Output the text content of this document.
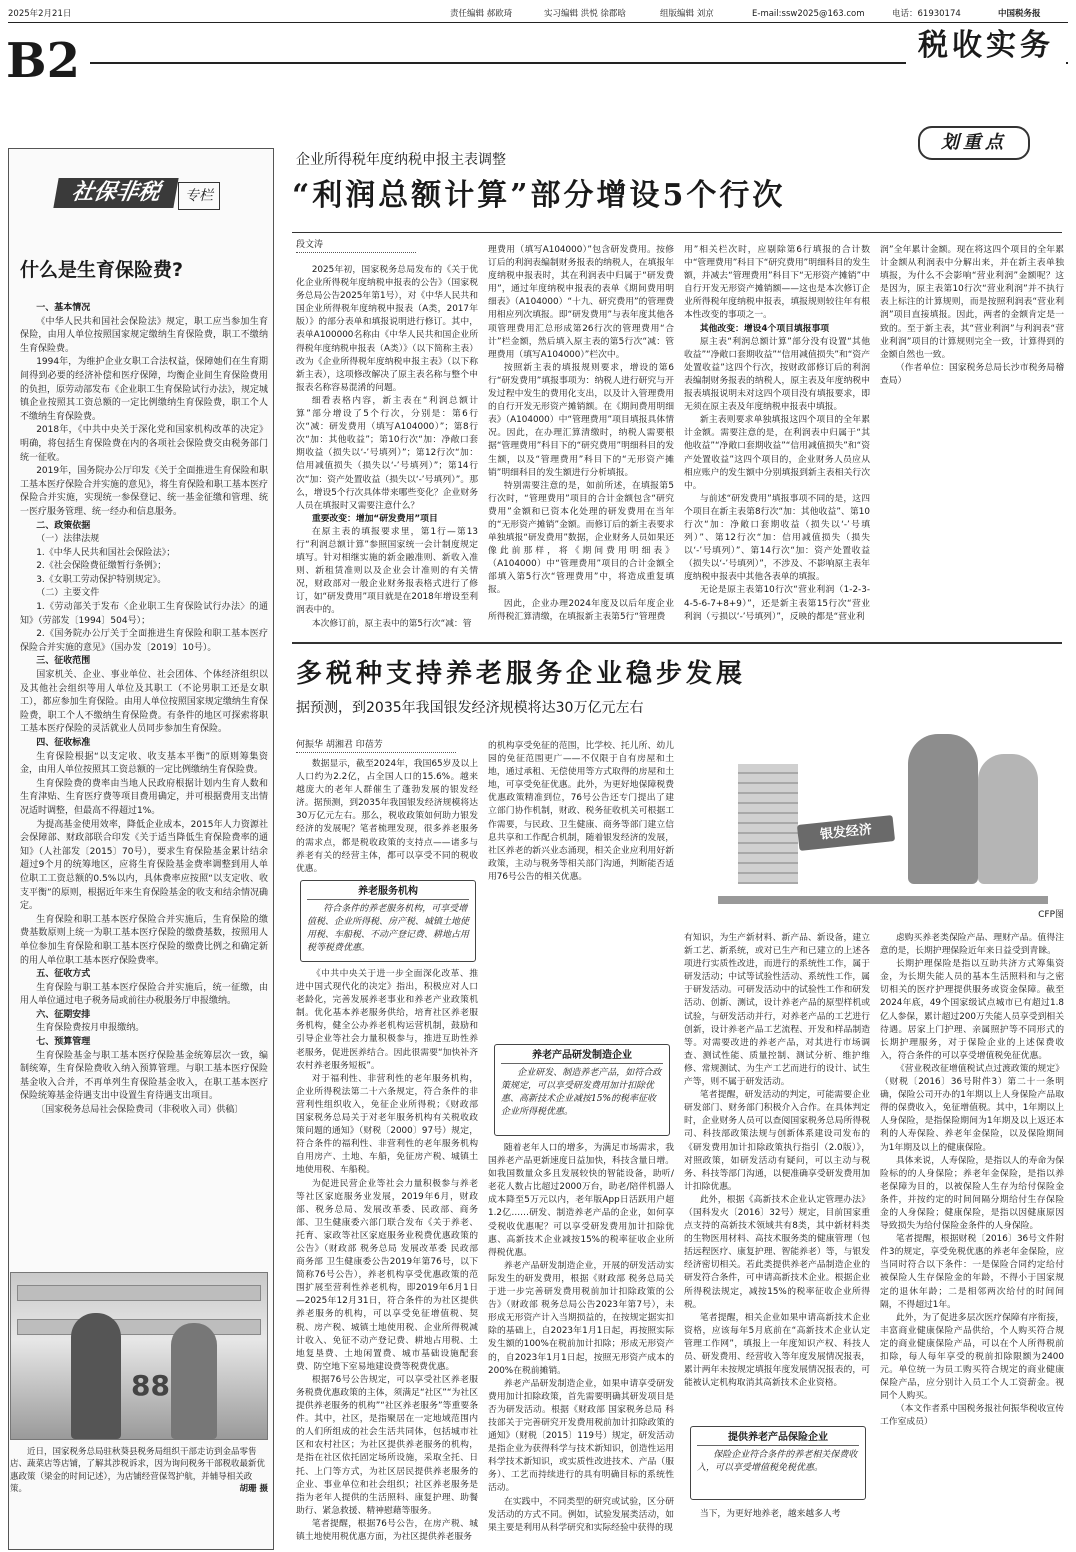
2025年2月21日	责任编辑 郝欧琦	实习编辑 洪悦 徐郡晗	组版编辑 刘京	E-mail:ssw2025@163.com	电话：61930174	中国税务报
B2	税收实务
社保非税	专栏
什么是生育保险费?

一、基本情况

《中华人民共和国社会保险法》规定，职工应当参加生育保险，由用人单位按照国家规定缴纳生育保险费，职工不缴纳生育保险费。

1994年，为维护企业女职工合法权益，保障她们在生育期间得到必要的经济补偿和医疗保障，均衡企业间生育保险费用的负担，原劳动部发布《企业职工生育保险试行办法》，规定城镇企业按照其工资总额的一定比例缴纳生育保险费，职工个人不缴纳生育保险费。

2018年，《中共中央关于深化党和国家机构改革的决定》明确，将包括生育保险费在内的各项社会保险费交由税务部门统一征收。

2019年，国务院办公厅印发《关于全面推进生育保险和职工基本医疗保险合并实施的意见》，将生育保险和职工基本医疗保险合并实施，实现统一参保登记、统一基金征缴和管理、统一医疗服务管理、统一经办和信息服务。

二、政策依据

（一）法律法规

1.《中华人民共和国社会保险法》；

2.《社会保险费征缴暂行条例》；

3.《女职工劳动保护特别规定》。

（二）主要文件

1.《劳动部关于发布〈企业职工生育保险试行办法〉的通知》（劳部发〔1994〕504号）；

2.《国务院办公厅关于全面推进生育保险和职工基本医疗保险合并实施的意见》（国办发〔2019〕10号）。

三、征收范围

国家机关、企业、事业单位、社会团体、个体经济组织以及其他社会组织等用人单位及其职工（不论男职工还是女职工），都应参加生育保险。由用人单位按照国家规定缴纳生育保险费，职工个人不缴纳生育保险费。有条件的地区可探索将职工基本医疗保险的灵活就业人员同步参加生育保险。

四、征收标准

生育保险根据“以支定收、收支基本平衡”的原则筹集资金，由用人单位按照其工资总额的一定比例缴纳生育保险费。

生育保险费的费率由当地人民政府根据计划内生育人数和生育津贴、生育医疗费等项目费用确定，并可根据费用支出情况适时调整，但最高不得超过1%。

为提高基金使用效率，降低企业成本，2015年人力资源社会保障部、财政部联合印发《关于适当降低生育保险费率的通知》（人社部发〔2015〕70号），要求生育保险基金累计结余超过9个月的统筹地区，应将生育保险基金费率调整到用人单位职工工资总额的0.5%以内，具体费率应按照“以支定收、收支平衡”的原则，根据近年来生育保险基金的收支和结余情况确定。

生育保险和职工基本医疗保险合并实施后，生育保险的缴费基数原则上统一为职工基本医疗保险的缴费基数，按照用人单位参加生育保险和职工基本医疗保险的缴费比例之和确定新的用人单位职工基本医疗保险费率。

五、征收方式

生育保险与职工基本医疗保险合并实施后，统一征缴，由用人单位通过电子税务局或前往办税服务厅申报缴纳。

六、征期安排

生育保险费按月申报缴纳。

七、预算管理

生育保险基金与职工基本医疗保险基金统筹层次一致，编制统筹，生育保险费收入纳入预算管理。与职工基本医疗保险基金收入合并，不再单列生育保险基金收入，在职工基本医疗保险统筹基金待遇支出中设置生育待遇支出项目。

〔国家税务总局社会保险费司（非税收入司）供稿〕

88
近日，国家税务总局驻秋葵县税务局组织干部走访到金品零售店、蔬菜店等店铺，了解其涉税诉求，因为询问税务干部税收最新优惠政策（梁金的时间记述），为店铺经营保驾护航，并辅导相关政策。	胡珊 摄
划重点
企业所得税年度纳税申报主表调整
“利润总额计算”部分增设5个行次
段文涛

2025年初，国家税务总局发布的《关于优化企业所得税年度纳税申报表的公告》（国家税务总局公告2025年第1号），对《中华人民共和国企业所得税年度纳税申报表（A类，2017年版）》的部分表单和填报说明进行修订。其中，表单A100000名称由《中华人民共和国企业所得税年度纳税申报表（A类）》（以下简称主表）改为《企业所得税年度纳税申报主表》（以下称新主表），这项修改解决了原主表名称与整个申报表名称容易混淆的问题。

细看表格内容，新主表在“利润总额计算”部分增设了5个行次，分别是：第6行次“减：研发费用（填写A104000）”；第8行次“加：其他收益”；第10行次“加：净敞口套期收益（损失以‘-’号填列）”；第12行次“加：信用减值损失（损失以‘-’号填列）”；第14行次“加：资产处置收益（损失以‘-’号填列）”。那么，增设5个行次具体带来哪些变化？企业财务人员在填报时又需要注意什么？

重要改变：增加“研发费用”项目

在原主表的填报要求里，第1行—第13行“利润总额计算”参照国家统一会计制度规定填写。针对相继实施的新金融准则、新收入准则、新租赁准则以及企业会计准则的有关情况，财政部对一般企业财务报表格式进行了修订，如“研发费用”项目就是在2018年增设至利润表中的。

本次修订前，原主表中的第5行次“减：管

理费用（填写A104000）”包含研发费用。按修订后的利润表编制财务报表的纳税人，在填报年度纳税申报表时，其在利润表中归属于“研发费用”，通过年度纳税申报表的表单《期间费用明细表》（A104000）“十九、研究费用”的管理费用相应列次填报。即“研发费用”与表年度其他各项管理费用汇总形成第26行次的管理费用“合计”栏金额，然后填入原主表的第5行次“减：管理费用（填写A104000）”栏次中。

按照新主表的填报规则要求，增设的第6行“研发费用”填报事项为：纳税人进行研究与开发过程中发生的费用化支出，以及计入管理费用的自行开发无形资产摊销额。在《期间费用明细表》（A104000）中“管理费用”项目填报具体情况。因此，在办理汇算清缴时，纳税人需要根据“管理费用”科目下的“研究费用”明细科目的发生额，以及“管理费用”科目下的“无形资产摊销”明细科目的发生额进行分析填报。

特别需要注意的是，如前所述，在填报第5行次时，“管理费用”项目的合计金额包含“研究费用”金额和已资本化处理的研发费用在当年的“无形资产摊销”金额。而修订后的新主表要求单独填报“研发费用”数据，企业财务人员如果还像此前那样，将《期间费用明细表》（A104000）中“管理费用”项目的合计金额全部填入第5行次“管理费用”中，将造成重复填报。

因此，企业办理2024年度及以后年度企业所得税汇算清缴，在填报新主表第5行“管理费

用”相关栏次时，应剔除第6行填报的合计数中“管理费用”科目下“研究费用”明细科目的发生额，并减去“管理费用”科目下“无形资产摊销”中自行开发无形资产摊销额——这也是本次修订企业所得税年度纳税申报表，填报规则较往年有根本性改变的事项之一。

其他改变：增设4个项目填报事项

原主表“利润总额计算”部分没有设置“其他收益”“净敞口套期收益”“信用减值损失”和“资产处置收益”这四个行次，按财政部修订后的利润表编制财务报表的纳税人，原主表及年度纳税申报表填报说明未对这四个项目没有填报要求，即无须在原主表及年度纳税申报表中填报。

新主表则要求单独填报这四个项目的全年累计金额。需要注意的是，在利润表中归属于“其他收益”“净敞口套期收益”“信用减值损失”和“资产处置收益”这四个项目的，企业财务人员应从相应账户的发生额中分别填报到新主表相关行次中。

与前述“研发费用”填报事项不同的是，这四个项目在新主表第8行次“加：其他收益”、第10行次“加：净敞口套期收益（损失以‘-’号填列）”、第12行次“加：信用减值损失（损失以‘-’号填列）”、第14行次“加：资产处置收益（损失以‘-’号填列）”，不涉及、不影响原主表年度纳税申报表中其他各表单的填报。

无论是原主表第10行次“营业利润（1-2-3-4-5-6-7+8+9）”，还是新主表第15行次“营业利润（亏损以‘-’号填列）”，反映的都是“营业利

润”全年累计金额。现在将这四个项目的全年累计金额从利润表中分解出来，并在新主表单独填报，为什么不会影响“营业利润”金额呢？这是因为，原主表第10行次“营业利润”并不执行表上标注的计算规则，而是按照利润表“营业利润”项目直接填报。因此，两者的金额肯定是一致的。至于新主表，其“营业利润”与利润表“营业利润”项目的计算规则完全一致，计算得到的金额自然也一致。

（作者单位：国家税务总局长沙市税务局稽查局）

多税种支持养老服务企业稳步发展
据预测，到2035年我国银发经济规模将达30万亿元左右
何振华 胡湘君 印蓓芳

数据显示，截至2024年，我国65岁及以上人口约为2.2亿，占全国人口的15.6%。越来越庞大的老年人群催生了蓬勃发展的银发经济。据预测，到2035年我国银发经济规模将达30万亿元左右。那么，税收政策如何助力银发经济的发展呢？笔者梳理发现，很多养老服务的需求点，都是税收政策的支持点——诸多与养老有关的经营主体，都可以享受不同的税收优惠。

养老服务机构
符合条件的养老服务机构，可享受增值税、企业所得税、房产税、城镇土地使用税、车船税、不动产登记费、耕地占用税等税费优惠。

《中共中央关于进一步全面深化改革、推进中国式现代化的决定》指出，积极应对人口老龄化，完善发展养老事业和养老产业政策机制。优化基本养老服务供给，培育社区养老服务机构，健全公办养老机构运营机制，鼓励和引导企业等社会力量积极参与，推进互助性养老服务，促进医养结合。因此很需要“加快补齐农村养老服务短板”。

对于福利性、非营利性的老年服务机构，企业所得税法第二十六条规定，符合条件的非营利性组织收入，免征企业所得税；《财政部 国家税务总局关于对老年服务机构有关税收政策问题的通知》（财税〔2000〕97号）规定，符合条件的福利性、非营利性的老年服务机构自用房产、土地、车船，免征房产税、城镇土地使用税、车船税。

为促进民营企业等社会力量积极参与养老等社区家庭服务业发展，2019年6月，财政部、税务总局、发展改革委、民政部、商务部、卫生健康委六部门联合发布《关于养老、托育、家政等社区家庭服务业税费优惠政策的公告》（财政部 税务总局 发展改革委 民政部 商务部 卫生健康委公告2019年第76号，以下简称76号公告），养老机构享受优惠政策的范围扩展至营利性养老机构，即2019年6月1日—2025年12月31日，符合条件的为社区提供养老服务的机构，可以享受免征增值税、契税、房产税、城镇土地使用税、企业所得税减计收入、免征不动产登记费、耕地占用税、土地复垦费、土地闲置费、城市基础设施配套费、防空地下室易地建设费等税费优惠。

根据76号公告规定，可以享受社区养老服务税费优惠政策的主体，须满足“社区”“为社区提供养老服务的机构”“社区养老服务”等重要条件。其中，社区，是指聚居在一定地域范围内的人们所组成的社会生活共同体，包括城市社区和农村社区；为社区提供养老服务的机构，是指在社区依托固定场所设施，采取全托、日托、上门等方式，为社区居民提供养老服务的企业、事业单位和社会组织；社区养老服务是指为老年人提供的生活照料、康复护理、助餐助行、紧急救援、精神慰藉等服务。

笔者提醒，根据76号公告，在房产税、城镇土地使用税优惠方面，为社区提供养老服务

的机构享受免征的范围，比学校、托儿所、幼儿园的免征范围更广——不仅限于自有房屋和土地，通过承租、无偿使用等方式取得的房屋和土地，可享受免征优惠。此外，为更好地保障税费优惠政策精准到位，76号公告还专门提出了建立部门协作机制，财政、税务征收机关可根据工作需要，与民政、卫生健康、商务等部门建立信息共享和工作配合机制，随着银发经济的发展，社区养老的新兴业态涌现，相关企业应利用好新政策，主动与税务等相关部门沟通，判断能否适用76号公告的相关优惠。

养老产品研发制造企业
企业研发、制造养老产品，如符合政策规定，可以享受研发费用加计扣除优惠、高新技术企业减按15%的税率征收企业所得税优惠。

随着老年人口的增多，为满足市场需求，我国养老产品更新速度日益加快，科技含量日增。如我国数量众多且发展较快的智能设备，助听/老花人数占比超过2000万台，助老/陪伴机器人成本降至5万元以内，老年版App日活跃用户超1.2亿……研发、制造养老产品的企业，如何享受税收优惠呢？可以享受研发费用加计扣除优惠、高新技术企业减按15%的税率征收企业所得税优惠。

养老产品研发制造企业，开展的研发活动实际发生的研发费用，根据《财政部 税务总局关于进一步完善研发费用税前加计扣除政策的公告》（财政部 税务总局公告2023年第7号），未形成无形资产计入当期损益的，在按规定据实扣除的基础上，自2023年1月1日起，再按照实际发生额的100%在税前加计扣除；形成无形资产的，自2023年1月1日起，按照无形资产成本的200%在税前摊销。

养老产品研发制造企业，如果申请享受研发费用加计扣除政策，首先需要明确其研发项目是否为研发活动。根据《财政部 国家税务总局 科技部关于完善研究开发费用税前加计扣除政策的通知》（财税〔2015〕119号）规定，研发活动是指企业为获得科学与技术新知识，创造性运用科学技术新知识，或实质性改进技术、产品（服务）、工艺而持续进行的具有明确目标的系统性活动。

在实践中，不同类型的研究或试验，区分研发活动的方式不同。例如，试验发展类活动，如果主要是利用从科学研究和实际经验中获得的现

银发经济
CFP图

有知识，为生产新材料、新产品、新设备，建立新工艺、新系统，或对已生产和已建立的上述各项进行实质性改进，而进行的系统性工作，属于研发活动；中试等试验性活动、系统性工作，属于研发活动。可研发活动中的试验性工作和研发活动、创新、测试，设计养老产品的原型样机或试验，与研发活动并行，对养老产品的工艺进行创新，设计养老产品工艺流程、开发和样品制造等。对需要改进的养老产品，对其进行市场调查、测试性能、质量控制、测试分析、维护维修、常规测试、为生产工艺而进行的设计、试生产等，则不属于研发活动。

笔者提醒，研发活动的判定，可能需要企业研发部门、财务部门积极介入合作。在具体判定时，企业财务人员可以查阅国家税务总局所得税司、科技部政策法规与创新体系建设司发布的《研发费用加计扣除政策执行指引（2.0版）》，对照政策，如研发活动有疑问，可以主动与税务、科技等部门沟通，以便准确享受研发费用加计扣除优惠。

此外，根据《高新技术企业认定管理办法》（国科发火〔2016〕32号）规定，目前国家重点支持的高新技术领域共有8类，其中新材料类的生物医用材料、高技术服务类的健康管理（包括远程医疗、康复护理、智能养老）等，与银发经济密切相关。若此类提供养老产品制造企业的研发符合条件，可申请高新技术企业。根据企业所得税法规定，减按15%的税率征收企业所得税。

笔者提醒，相关企业如果申请高新技术企业资格，应该每年5月底前在“高新技术企业认定管理工作网”，填报上一年度知识产权、科技人员、研发费用、经营收入等年度发展情况报表，累计两年未按规定填报年度发展情况报表的，可能被认定机构取消其高新技术企业资格。

提供养老产品保险企业
保险企业符合条件的养老相关保费收入，可以享受增值税免税优惠。

当下，为更好地养老，越来越多人考

虑购买养老类保险产品、理财产品。值得注意的是，长期护理保险近年来日益受到青睐。

长期护理保险是指以互助共济方式筹集资金，为长期失能人员的基本生活照料和与之密切相关的医疗护理提供服务或资金保障。截至2024年底，49个国家级试点城市已有超过1.8亿人参保，累计超过200万失能人员享受到相关待遇。居家上门护理、亲属照护等不同形式的长期护理服务，对于保险企业的上述保费收入，符合条件的可以享受增值税免征优惠。

《营业税改征增值税试点过渡政策的规定》（财税〔2016〕36号附件3）第二十一条明确，保险公司开办的1年期以上人身保险产品取得的保费收入，免征增值税。其中，1年期以上人身保险，是指保险期间为1年期及以上返还本利的人寿保险、养老年金保险，以及保险期间为1年期及以上的健康保险。

具体来说，人寿保险，是指以人的寿命为保险标的的人身保险；养老年金保险，是指以养老保障为目的，以被保险人生存为给付保险金条件，并按约定的时间间隔分期给付生存保险金的人身保险；健康保险，是指以因健康原因导致损失为给付保险金条件的人身保险。

笔者提醒，根据财税〔2016〕36号文件附件3的规定，享受免税优惠的养老年金保险，应当同时符合以下条件：一是保险合同约定给付被保险人生存保险金的年龄，不得小于国家规定的退休年龄；二是相邻两次给付的时间间隔，不得超过1年。

此外，为了促进多层次医疗保障有序衔接，丰富商业健康保险产品供给，个人购买符合规定的商业健康保险产品，可以在个人所得税前扣除，每人每年享受的税前扣除限额为2400元。单位统一为员工购买符合规定的商业健康保险产品，应分别计入员工个人工资薪金。视同个人购买。

（本文作者系中国税务报社何振华税收宣传工作室成员）
